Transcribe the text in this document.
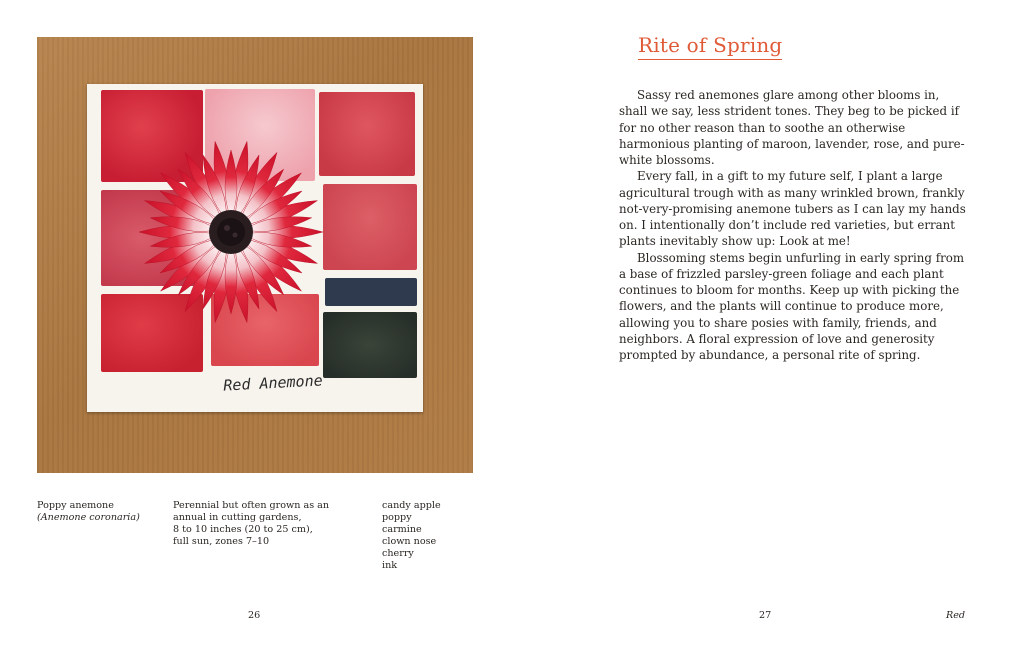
Red Anemone
Poppy anemone
(Anemone coronaria)
Perennial but often grown as an
annual in cutting gardens,
8 to 10 inches (20 to 25 cm),
full sun, zones 7–10
candy apple
poppy
carmine
clown nose
cherry
ink
26
Rite of Spring

Sassy red anemones glare among other blooms in, shall we say, less strident tones. They beg to be picked if for no other reason than to soothe an otherwise harmonious planting of maroon, lavender, rose, and pure-white blossoms.

Every fall, in a gift to my future self, I plant a large agricultural trough with as many wrinkled brown, frankly not-very-promising anemone tubers as I can lay my hands on. I intentionally don’t include red varieties, but errant plants inevitably show up: Look at me!

Blossoming stems begin unfurling in early spring from a base of frizzled parsley-green foliage and each plant continues to bloom for months. Keep up with picking the flowers, and the plants will continue to produce more, allowing you to share posies with family, friends, and neighbors. A floral expression of love and generosity prompted by abundance, a personal rite of spring.

27	Red
